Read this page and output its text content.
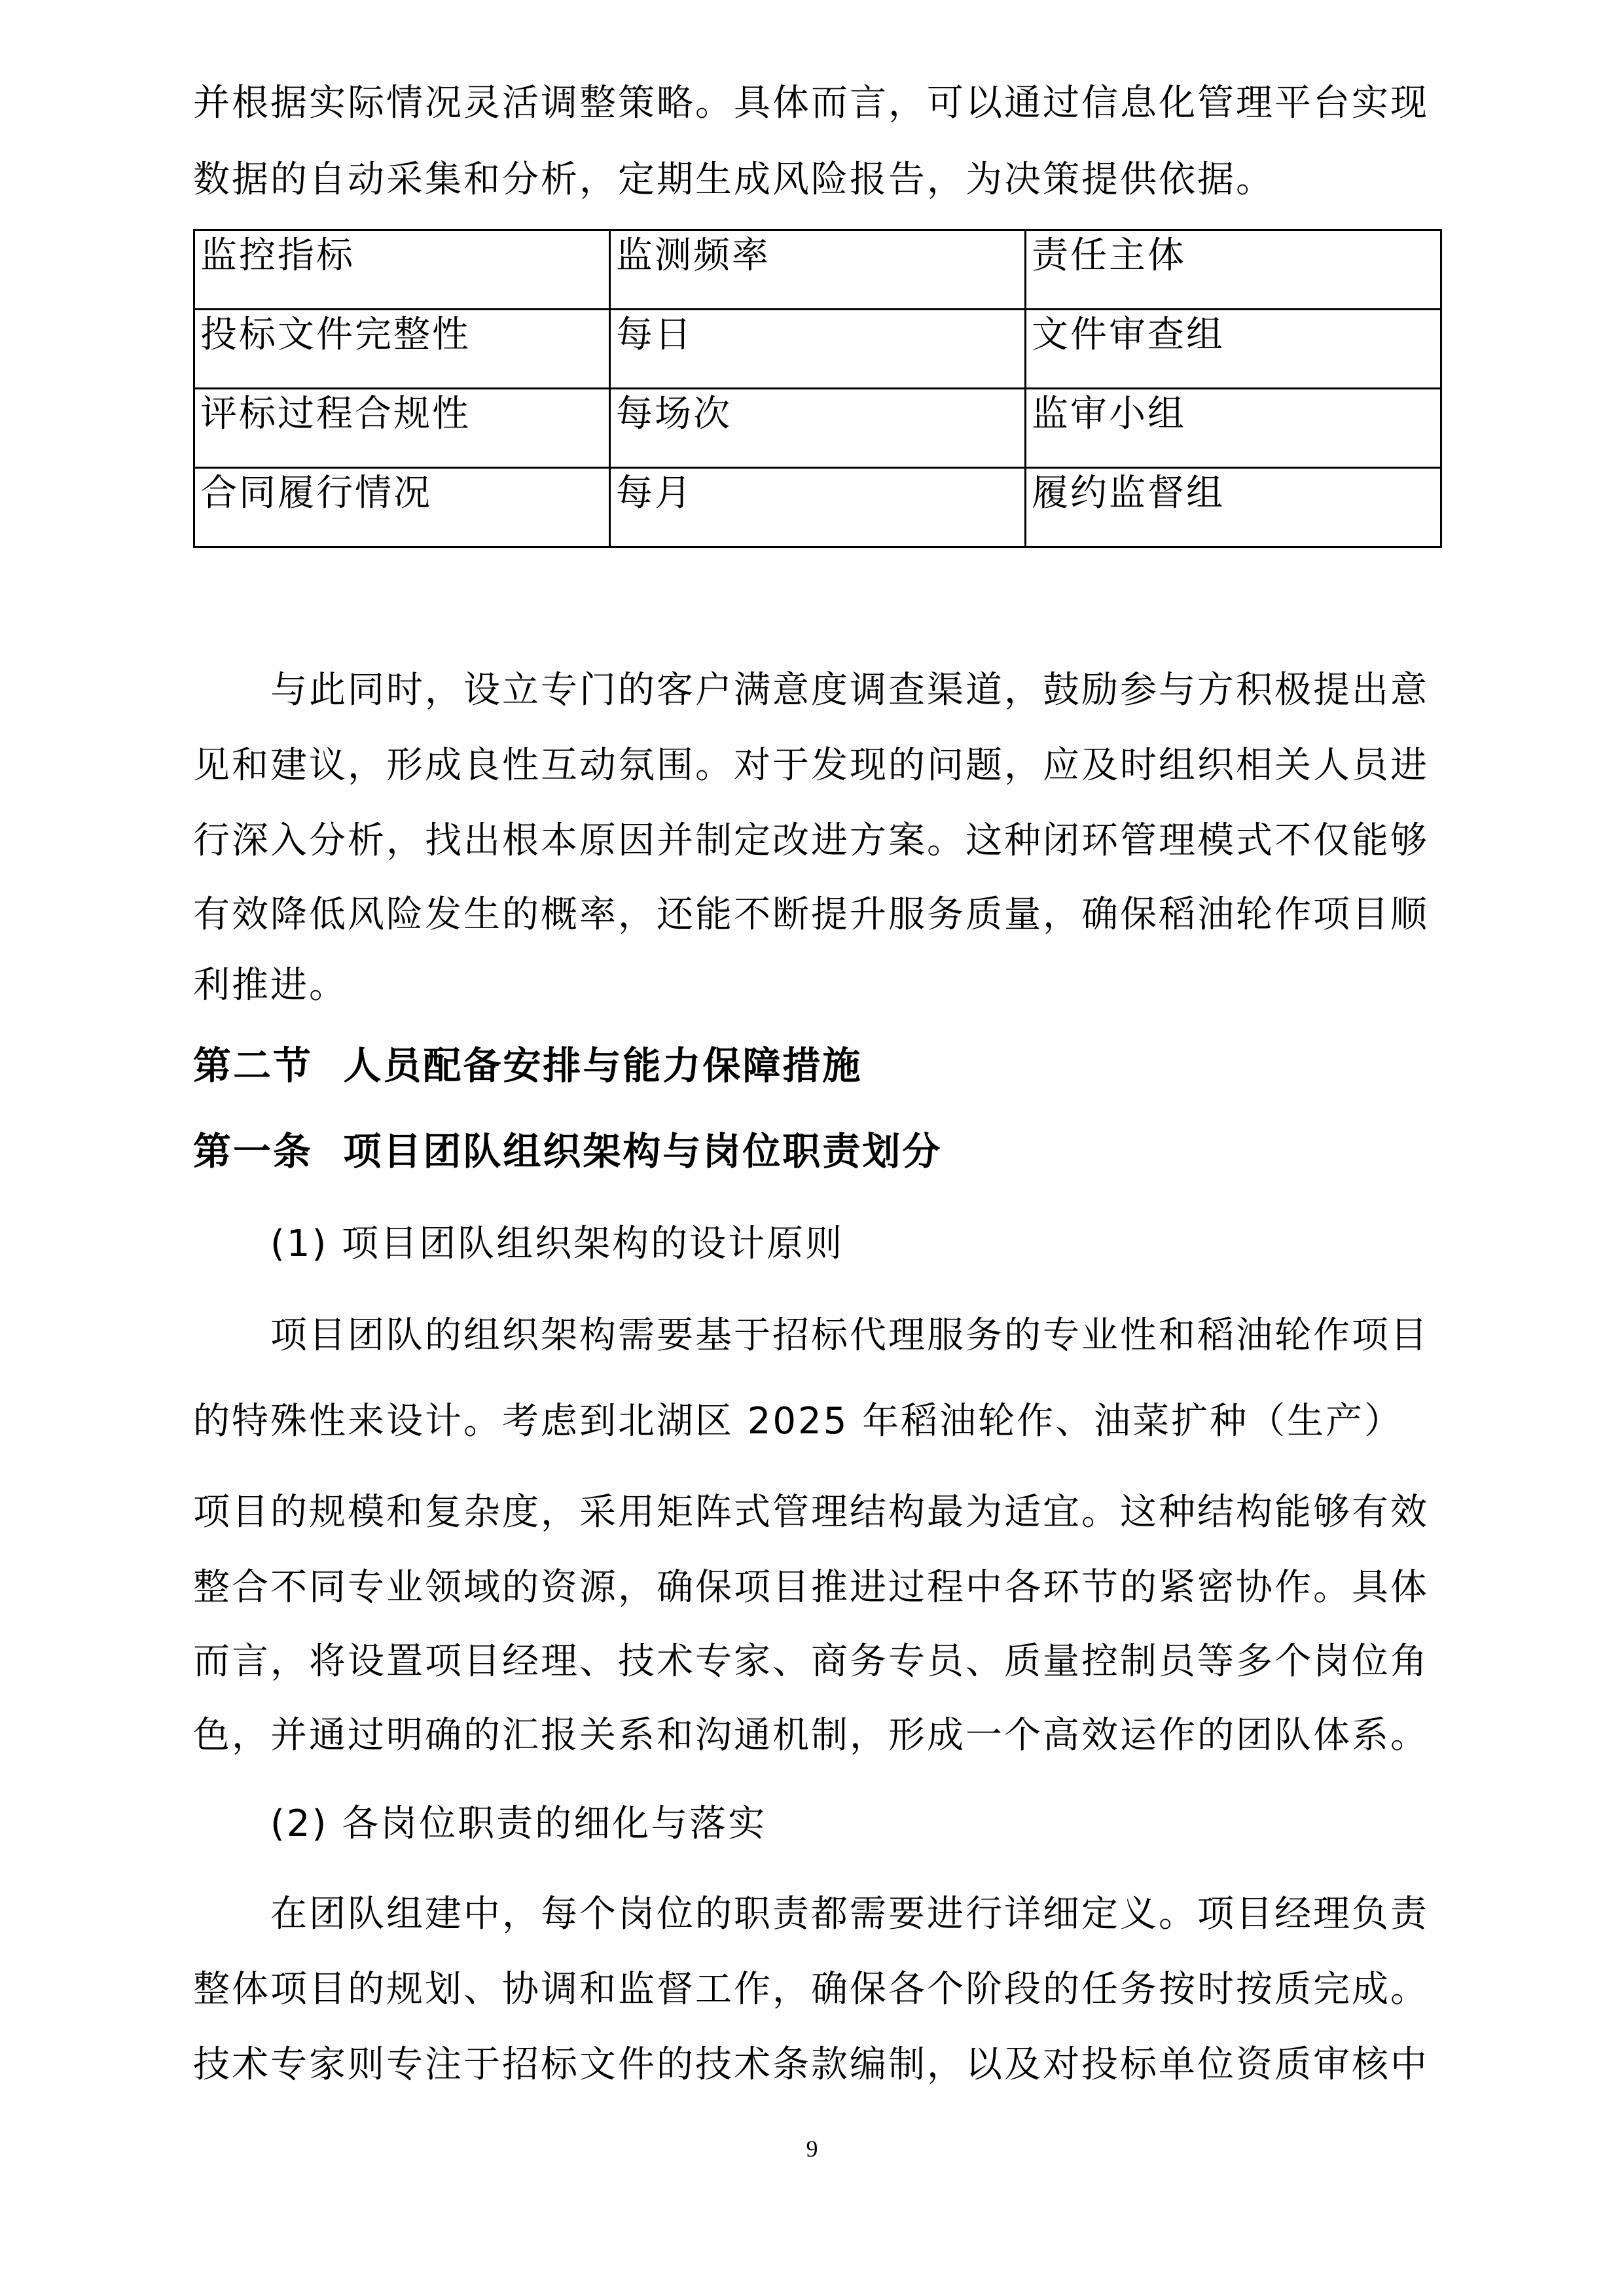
并根据实际情况灵活调整策略。具体而言，可以通过信息化管理平台实现
数据的自动采集和分析，定期生成风险报告，为决策提供依据。
监控指标	监测频率	责任主体
投标文件完整性	每日	文件审查组
评标过程合规性	每场次	监审小组
合同履行情况	每月	履约监督组
与此同时，设立专门的客户满意度调查渠道，鼓励参与方积极提出意
见和建议，形成良性互动氛围。对于发现的问题，应及时组织相关人员进
行深入分析，找出根本原因并制定改进方案。这种闭环管理模式不仅能够
有效降低风险发生的概率，还能不断提升服务质量，确保稻油轮作项目顺
利推进。
第二节  人员配备安排与能力保障措施
第一条  项目团队组织架构与岗位职责划分
(1) 项目团队组织架构的设计原则
项目团队的组织架构需要基于招标代理服务的专业性和稻油轮作项目
的特殊性来设计。考虑到北湖区 2025 年稻油轮作、油菜扩种（生产）
项目的规模和复杂度，采用矩阵式管理结构最为适宜。这种结构能够有效
整合不同专业领域的资源，确保项目推进过程中各环节的紧密协作。具体
而言，将设置项目经理、技术专家、商务专员、质量控制员等多个岗位角
色，并通过明确的汇报关系和沟通机制，形成一个高效运作的团队体系。
(2) 各岗位职责的细化与落实
在团队组建中，每个岗位的职责都需要进行详细定义。项目经理负责
整体项目的规划、协调和监督工作，确保各个阶段的任务按时按质完成。
技术专家则专注于招标文件的技术条款编制，以及对投标单位资质审核中
9
